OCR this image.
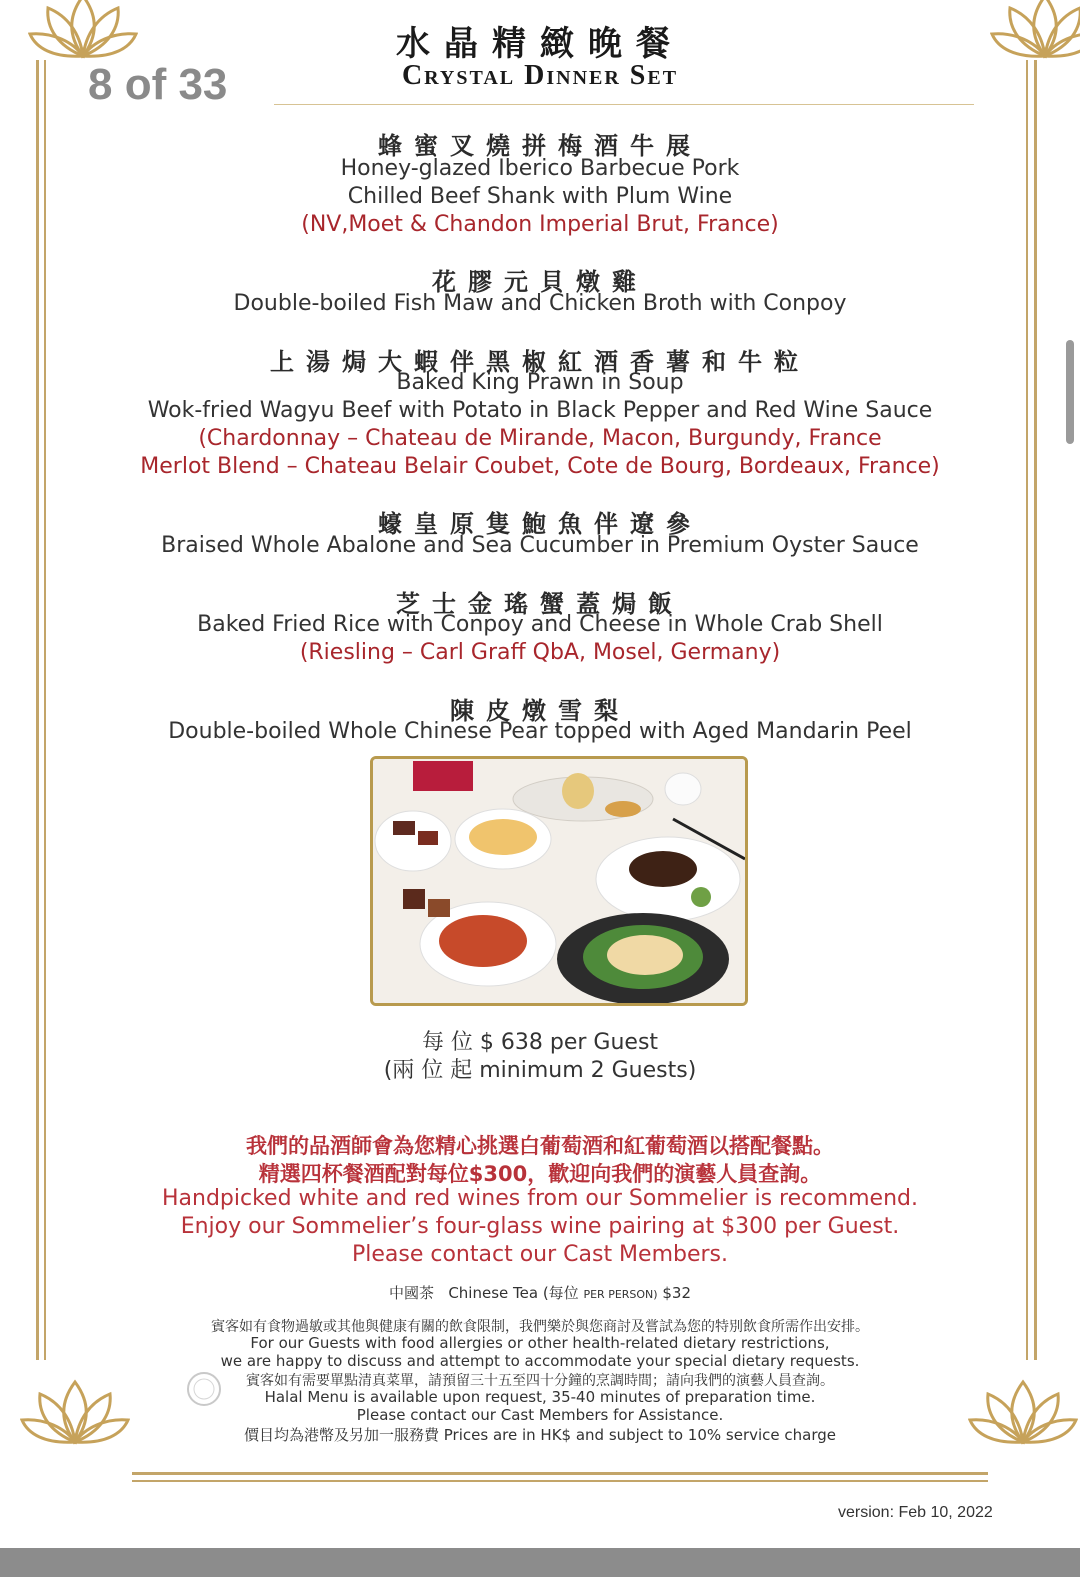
8 of 33
水晶精緻晚餐
Crystal Dinner Set
蜂蜜叉燒拼梅酒牛展
Honey-glazed Iberico Barbecue Pork
Chilled Beef Shank with Plum Wine
(NV,Moet & Chandon Imperial Brut, France)
花膠元貝燉雞
Double-boiled Fish Maw and Chicken Broth with Conpoy
上湯焗大蝦伴黑椒紅酒香薯和牛粒
Baked King Prawn in Soup
Wok-fried Wagyu Beef with Potato in Black Pepper and Red Wine Sauce
(Chardonnay – Chateau de Mirande, Macon, Burgundy, France
Merlot Blend – Chateau Belair Coubet, Cote de Bourg, Bordeaux, France)
蠔皇原隻鮑魚伴遼參
Braised Whole Abalone and Sea Cucumber in Premium Oyster Sauce
芝士金瑤蟹蓋焗飯
Baked Fried Rice with Conpoy and Cheese in Whole Crab Shell
(Riesling – Carl Graff QbA, Mosel, Germany)
陳皮燉雪梨
Double-boiled Whole Chinese Pear topped with Aged Mandarin Peel
每 位 $ 638 per Guest
(兩 位 起 minimum 2 Guests)
我們的品酒師會為您精心挑選白葡萄酒和紅葡萄酒以搭配餐點。
精選四杯餐酒配對每位$300，歡迎向我們的演藝人員查詢。
Handpicked white and red wines from our Sommelier is recommend.
Enjoy our Sommelier’s four-glass wine pairing at $300 per Guest.
Please contact our Cast Members.
中國茶 Chinese Tea (每位 PER PERSON) $32
賓客如有食物過敏或其他與健康有關的飲食限制，我們樂於與您商討及嘗試為您的特別飲食所需作出安排。
For our Guests with food allergies or other health-related dietary restrictions,
we are happy to discuss and attempt to accommodate your special dietary requests.
賓客如有需要單點清真菜單，請預留三十五至四十分鐘的烹調時間；請向我們的演藝人員查詢。
Halal Menu is available upon request, 35-40 minutes of preparation time.
Please contact our Cast Members for Assistance.
價目均為港幣及另加一服務費 Prices are in HK$ and subject to 10% service charge
version: Feb 10, 2022
